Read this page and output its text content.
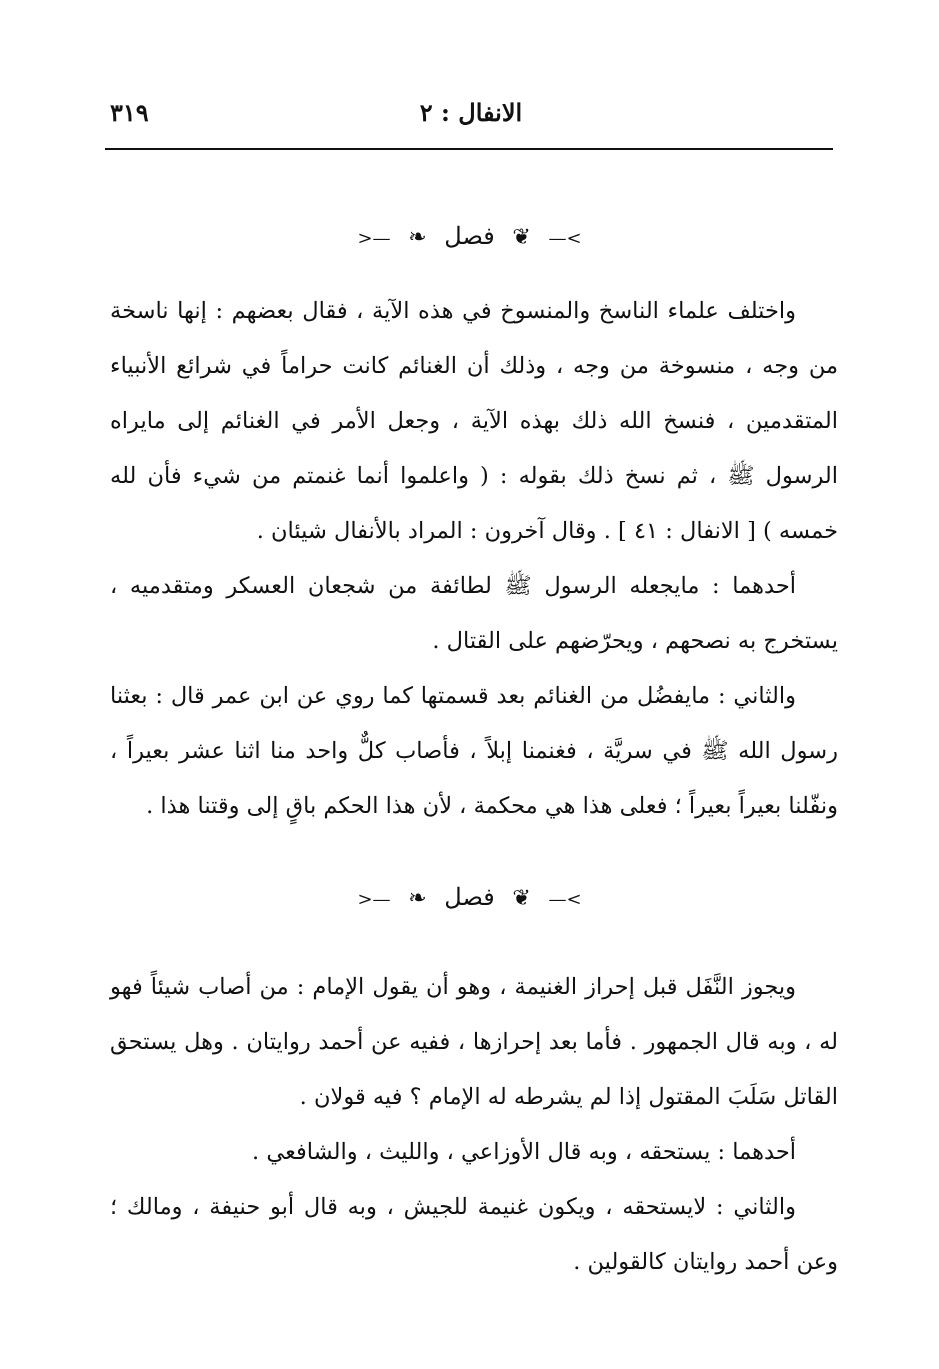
الانفال : ٢
٣١٩
>— ❦ فصل ❧ —<

واختلف علماء الناسخ والمنسوخ في هذه الآية ، فقال بعضهم : إنها ناسخة من وجه ، منسوخة من وجه ، وذلك أن الغنائم كانت حراماً في شرائع الأنبياء المتقدمين ، فنسخ الله ذلك بهذه الآية ، وجعل الأمر في الغنائم إلى مايراه الرسول ﷺ ، ثم نسخ ذلك بقوله : ( واعلموا أنما غنمتم من شيء فأن لله خمسه ) [ الانفال : ٤١ ] . وقال آخرون : المراد بالأنفال شيئان .

أحدهما : مايجعله الرسول ﷺ لطائفة من شجعان العسكر ومتقدميه ، يستخرج به نصحهم ، ويحرّضهم على القتال .

والثاني : مايفضُل من الغنائم بعد قسمتها كما روي عن ابن عمر قال : بعثنا رسول الله ﷺ في سريَّة ، فغنمنا إبلاً ، فأصاب كلٌّ واحد منا اثنا عشر بعيراً ، ونفّلنا بعيراً بعيراً ؛ فعلى هذا هي محكمة ، لأن هذا الحكم باقٍ إلى وقتنا هذا .

>— ❦ فصل ❧ —<

ويجوز النَّفَل قبل إحراز الغنيمة ، وهو أن يقول الإمام : من أصاب شيئاً فهو له ، وبه قال الجمهور . فأما بعد إحرازها ، ففيه عن أحمد روايتان . وهل يستحق القاتل سَلَبَ المقتول إذا لم يشرطه له الإمام ؟ فيه قولان .

أحدهما : يستحقه ، وبه قال الأوزاعي ، والليث ، والشافعي .

والثاني : لايستحقه ، ويكون غنيمة للجيش ، وبه قال أبو حنيفة ، ومالك ؛ وعن أحمد روايتان كالقولين .
